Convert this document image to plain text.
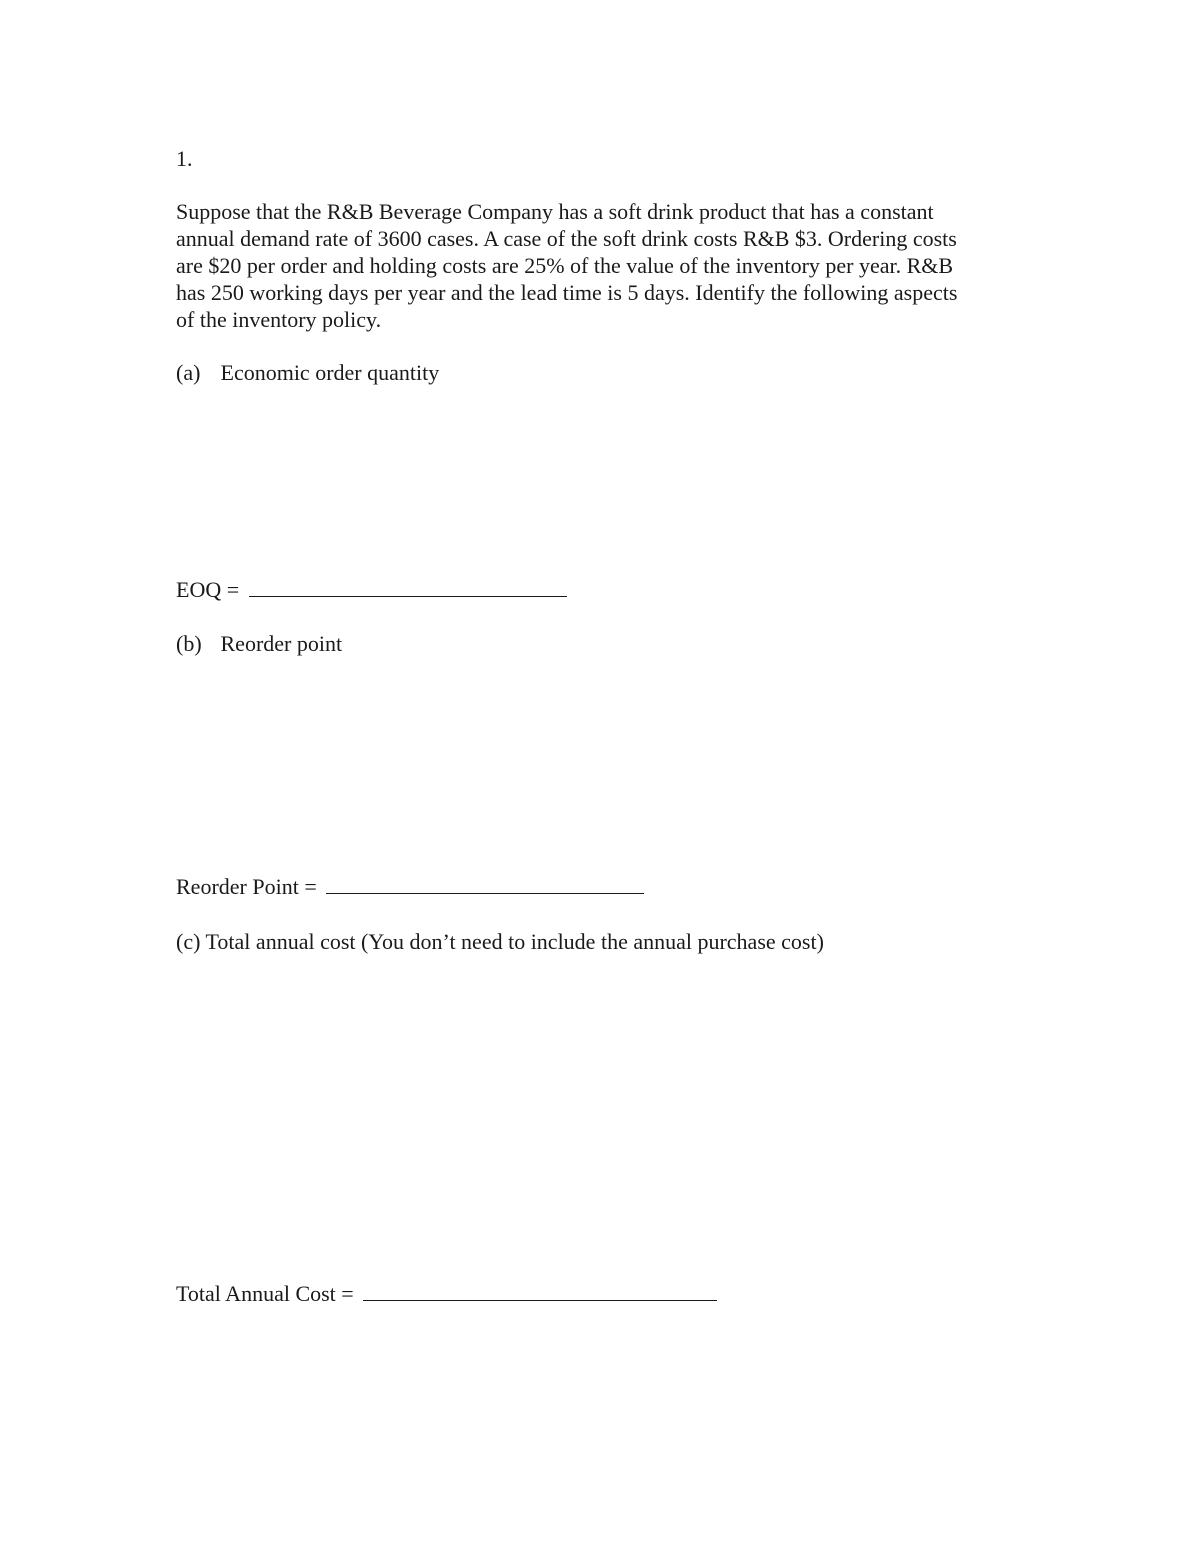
1.
Suppose that the R&B Beverage Company has a soft drink product that has a constant
annual demand rate of 3600 cases. A case of the soft drink costs R&B $3. Ordering costs
are $20 per order and holding costs are 25% of the value of the inventory per year. R&B
has 250 working days per year and the lead time is 5 days. Identify the following aspects
of the inventory policy.
(a) Economic order quantity
EOQ =
(b) Reorder point
Reorder Point =
(c) Total annual cost (You don’t need to include the annual purchase cost)
Total Annual Cost =
